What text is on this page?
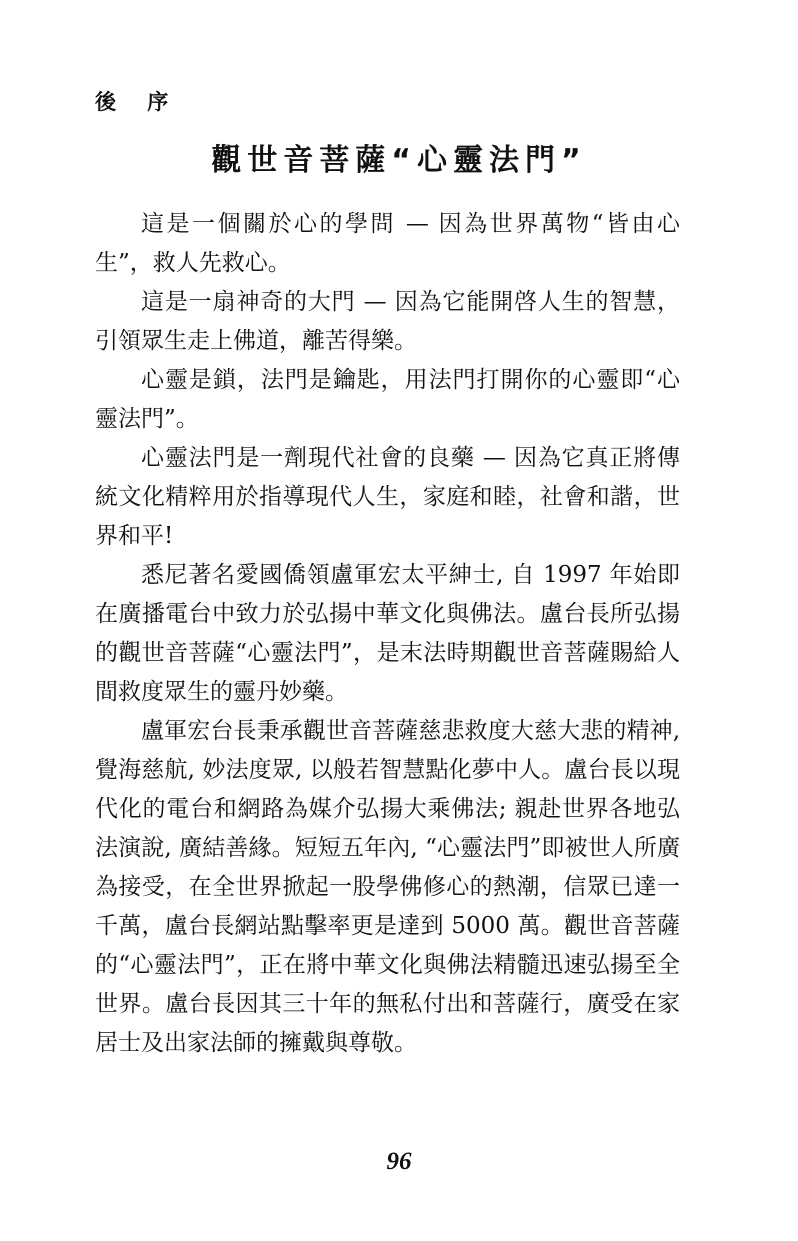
後 序
觀世音菩薩“心靈法門”

這是一個關於心的學問 — 因為世界萬物“皆由心生”，救人先救心。

這是一扇神奇的大門 — 因為它能開啓人生的智慧，引領眾生走上佛道，離苦得樂。

心靈是鎖，法門是鑰匙，用法門打開你的心靈即“心靈法門”。

心靈法門是一劑現代社會的良藥 — 因為它真正將傳統文化精粹用於指導現代人生，家庭和睦，社會和諧，世界和平!

悉尼著名愛國僑領盧軍宏太平紳士, 自 1997 年始即在廣播電台中致力於弘揚中華文化與佛法。盧台長所弘揚的觀世音菩薩“心靈法門”，是末法時期觀世音菩薩賜給人間救度眾生的靈丹妙藥。

盧軍宏台長秉承觀世音菩薩慈悲救度大慈大悲的精神, 覺海慈航, 妙法度眾, 以般若智慧點化夢中人。盧台長以現代化的電台和網路為媒介弘揚大乘佛法; 親赴世界各地弘法演說, 廣結善緣。短短五年內, “心靈法門”即被世人所廣為接受，在全世界掀起一股學佛修心的熱潮，信眾已達一千萬，盧台長網站點擊率更是達到 5000 萬。觀世音菩薩的“心靈法門”，正在將中華文化與佛法精髓迅速弘揚至全世界。盧台長因其三十年的無私付出和菩薩行，廣受在家居士及出家法師的擁戴與尊敬。

96
